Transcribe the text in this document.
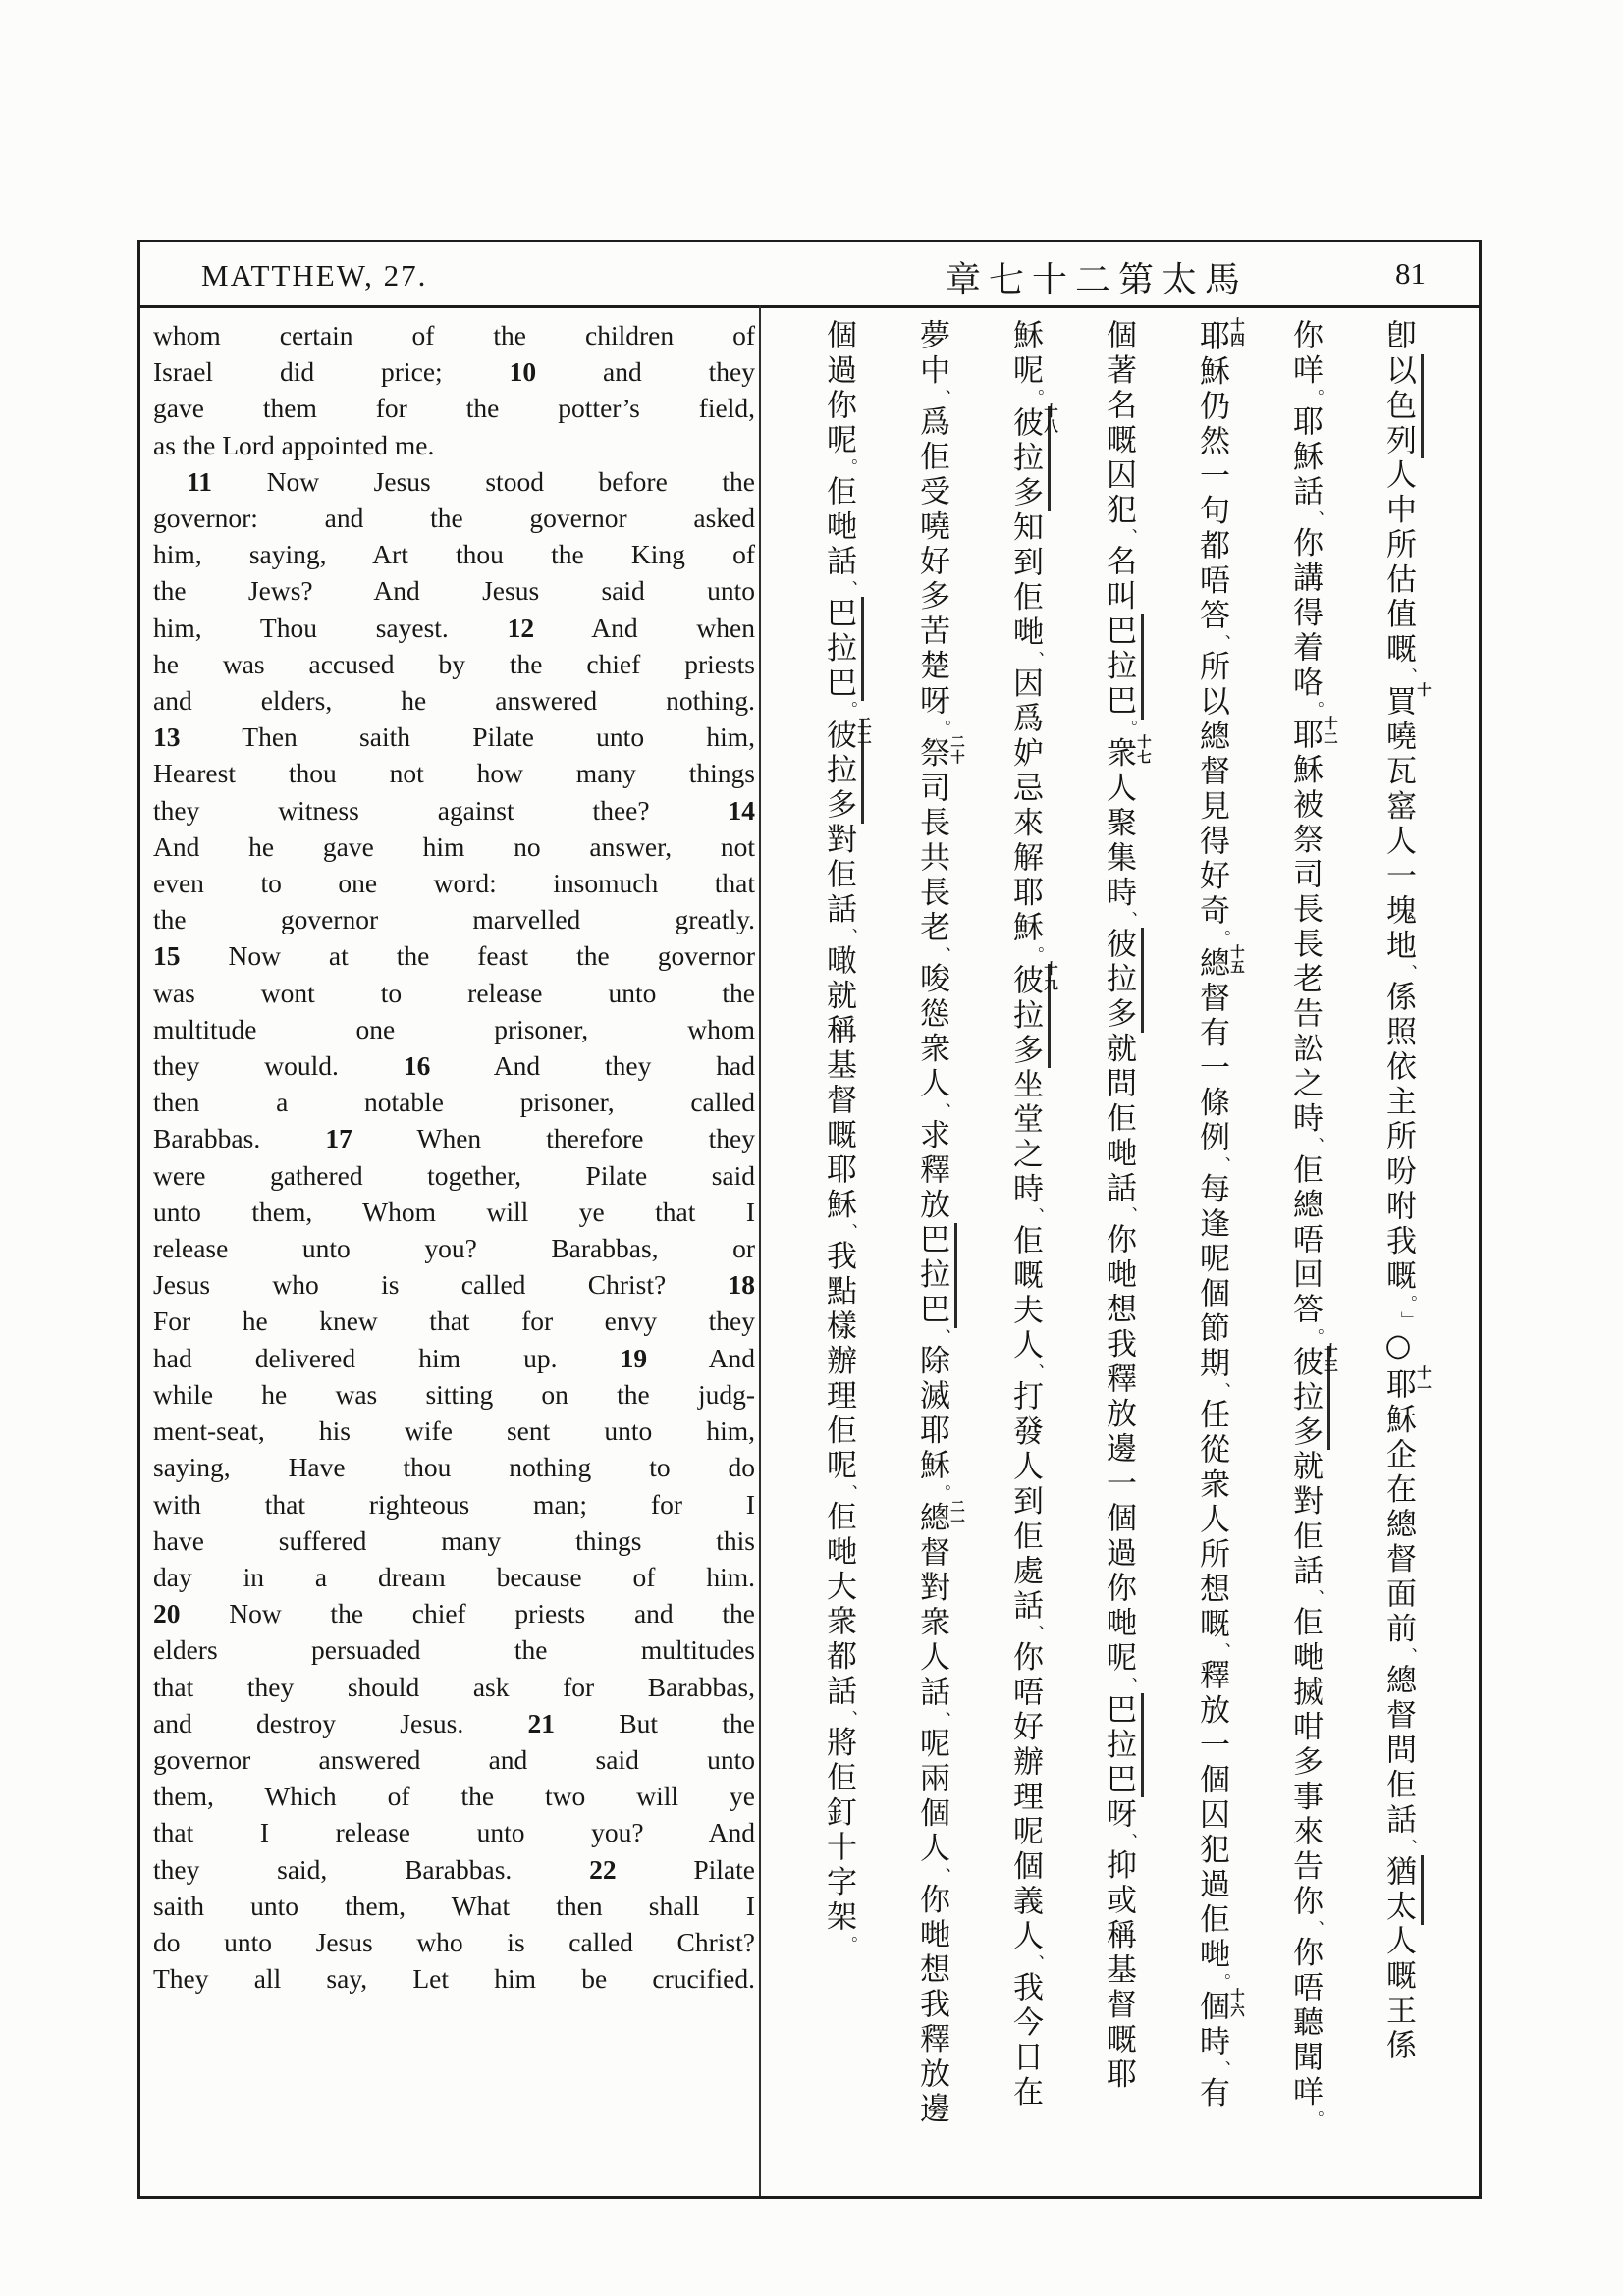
MATTHEW, 27.	章七十二第太馬	81
whom certain of the children of
Israel did price; 10 and they
gave them for the potter’s field,
as the Lord appointed me.
11 Now Jesus stood before the
governor: and the governor asked
him, saying, Art thou the King of
the Jews? And Jesus said unto
him, Thou sayest. 12 And when
he was accused by the chief priests
and elders, he answered nothing.
13 Then saith Pilate unto him,
Hearest thou not how many things
they witness against thee? 14
And he gave him no answer, not
even to one word: insomuch that
the governor marvelled greatly.
15 Now at the feast the governor
was wont to release unto the
multitude one prisoner, whom
they would. 16 And they had
then a notable prisoner, called
Barabbas. 17 When therefore they
were gathered together, Pilate said
unto them, Whom will ye that I
release unto you? Barabbas, or
Jesus who is called Christ? 18
For he knew that for envy they
had delivered him up. 19 And
while he was sitting on the judg-
ment-seat, his wife sent unto him,
saying, Have thou nothing to do
with that righteous man; for I
have suffered many things this
day in a dream because of him.
20 Now the chief priests and the
elders persuaded the multitudes
that they should ask for Barabbas,
and destroy Jesus. 21 But the
governor answered and said unto
them, Which of the two will ye
that I release unto you? And
they said, Barabbas. 22 Pilate
saith unto them, What then shall I
do unto Jesus who is called Christ?
They all say, Let him be crucified.

卽以色列人中所估值嘅、
十
買嘵瓦窰人一塊地、係照依主所吩咐我嘅。」○
十一
耶穌企在總督面前、總督問佢話、猶太人嘅王係

你咩。耶穌話、你講得着咯。
十二
耶穌被祭司長長老告訟之時、佢總唔回答。
十三
彼拉多就對佢話、佢哋搣咁多事來告你、你唔聽聞咩。

十四
耶穌仍然一句都唔答、所以總督見得好奇。
十五
總督有一條例、每逢呢個節期、任從衆人所想嘅、釋放一個囚犯過佢哋。
十六
個時、有

個著名嘅囚犯、名叫巴拉巴。
十七
衆人聚集時、彼拉多就問佢哋話、你哋想我釋放邊一個過你哋呢、巴拉巴呀、抑或稱基督嘅耶

穌呢。
十八
彼拉多知到佢哋、因爲妒忌來解耶穌。
十九
彼拉多坐堂之時、佢嘅夫人、打發人到佢處話、你唔好辦理呢個義人、我今日在

夢中、爲佢受嘵好多苦楚呀。
二十
祭司長共長老、唆慫衆人、求釋放巴拉巴、除滅耶穌。
二一
總督對衆人話、呢兩個人、你哋想我釋放邊

個過你呢。佢哋話、巴拉巴。
二二
彼拉多對佢話、噉就稱基督嘅耶穌、我點樣辦理佢呢、佢哋大衆都話、將佢釘十字架。
